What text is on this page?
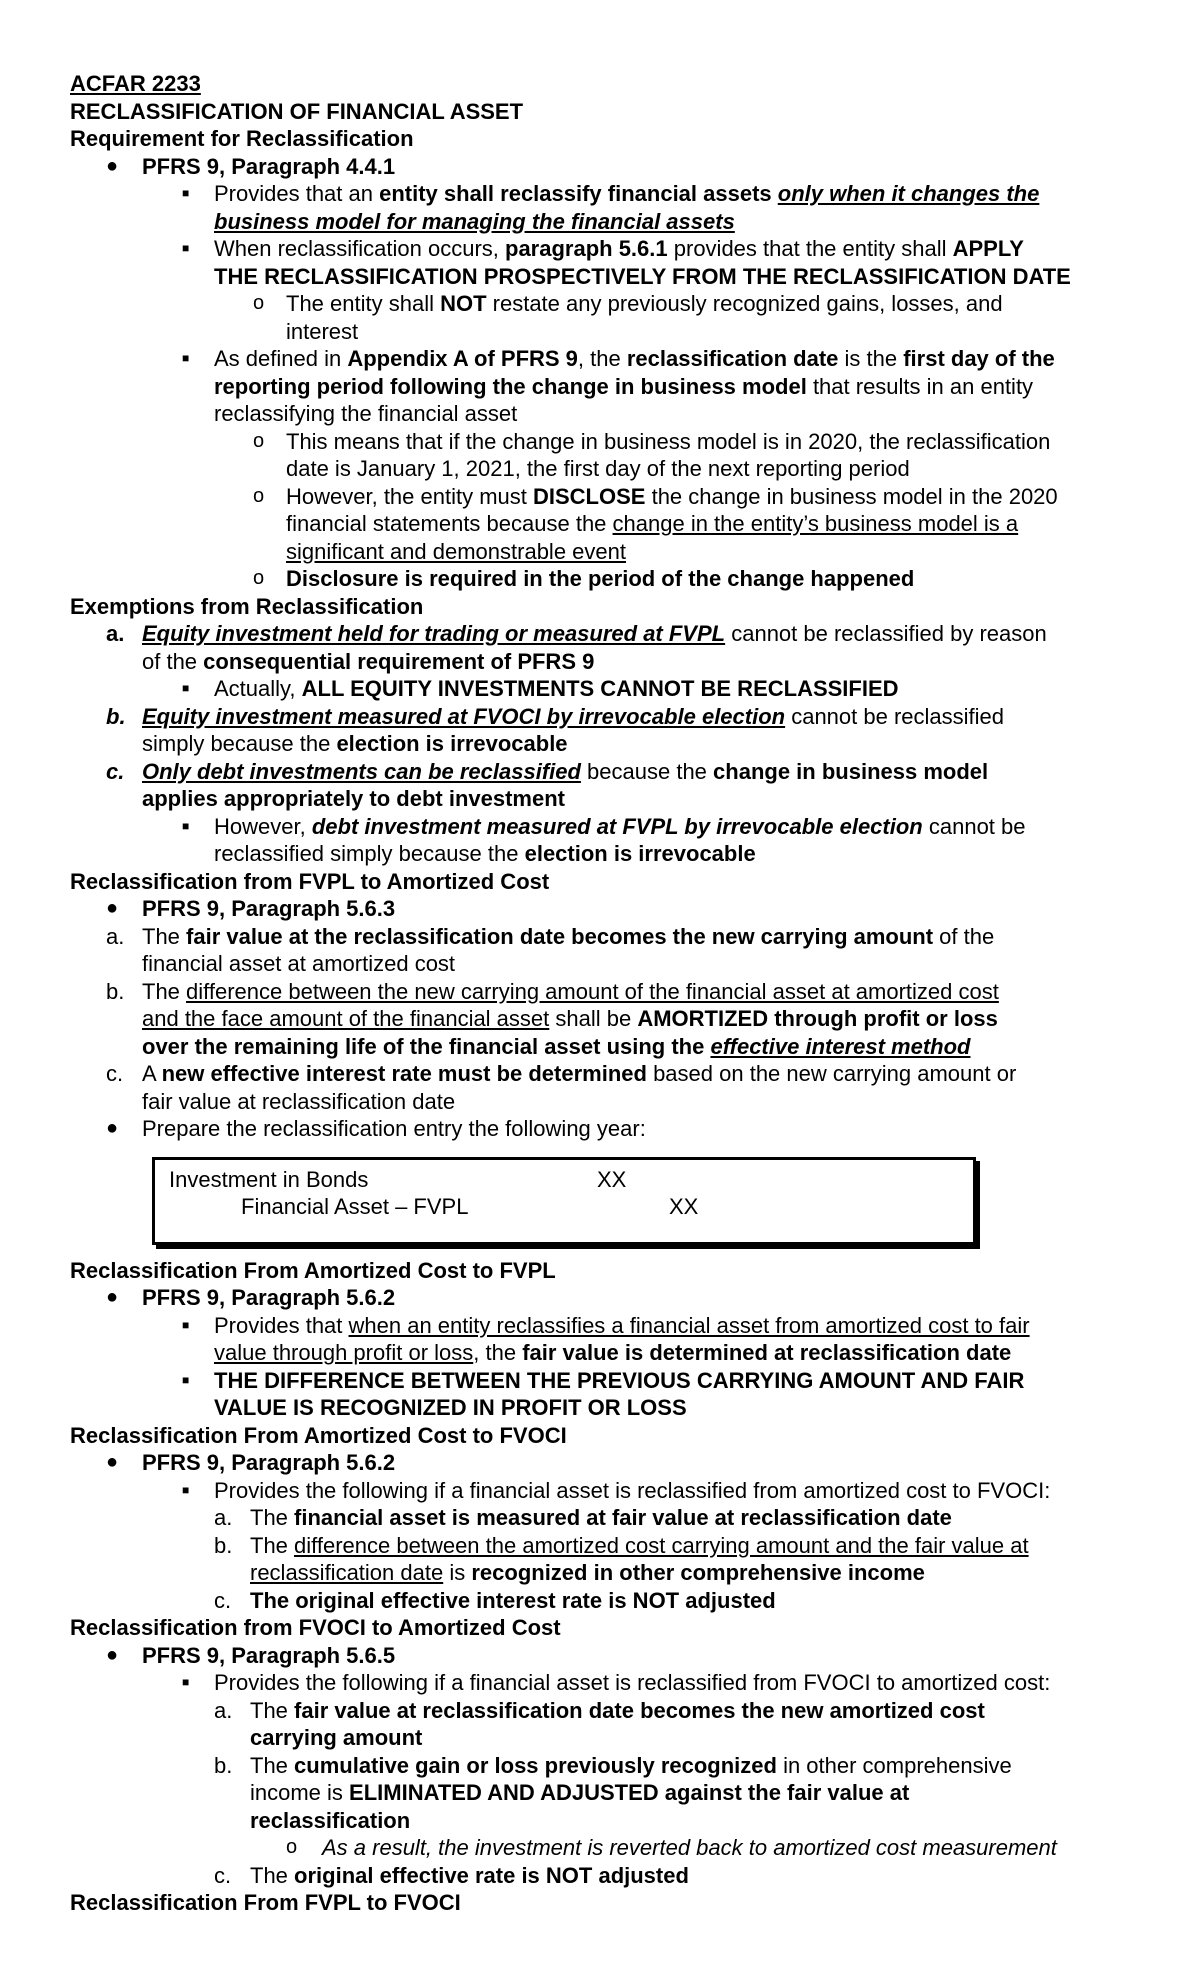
ACFAR 2233
RECLASSIFICATION OF FINANCIAL ASSET
Requirement for Reclassification
● PFRS 9, Paragraph 4.4.1
■ Provides that an entity shall reclassify financial assets only when it changes the
business model for managing the financial assets
■ When reclassification occurs, paragraph 5.6.1 provides that the entity shall APPLY
THE RECLASSIFICATION PROSPECTIVELY FROM THE RECLASSIFICATION DATE
o The entity shall NOT restate any previously recognized gains, losses, and
interest
■ As defined in Appendix A of PFRS 9, the reclassification date is the first day of the
reporting period following the change in business model that results in an entity
reclassifying the financial asset
o This means that if the change in business model is in 2020, the reclassification
date is January 1, 2021, the first day of the next reporting period
o However, the entity must DISCLOSE the change in business model in the 2020
financial statements because the change in the entity’s business model is a
significant and demonstrable event
o Disclosure is required in the period of the change happened
Exemptions from Reclassification
a. Equity investment held for trading or measured at FVPL cannot be reclassified by reason
of the consequential requirement of PFRS 9
■ Actually, ALL EQUITY INVESTMENTS CANNOT BE RECLASSIFIED
b. Equity investment measured at FVOCI by irrevocable election cannot be reclassified
simply because the election is irrevocable
c. Only debt investments can be reclassified because the change in business model
applies appropriately to debt investment
■ However, debt investment measured at FVPL by irrevocable election cannot be
reclassified simply because the election is irrevocable
Reclassification from FVPL to Amortized Cost
● PFRS 9, Paragraph 5.6.3
a. The fair value at the reclassification date becomes the new carrying amount of the
financial asset at amortized cost
b. The difference between the new carrying amount of the financial asset at amortized cost
and the face amount of the financial asset shall be AMORTIZED through profit or loss
over the remaining life of the financial asset using the effective interest method
c. A new effective interest rate must be determined based on the new carrying amount or
fair value at reclassification date
● Prepare the reclassification entry the following year:
Investment in Bonds	XX
Financial Asset – FVPL	XX
Reclassification From Amortized Cost to FVPL
● PFRS 9, Paragraph 5.6.2
■ Provides that when an entity reclassifies a financial asset from amortized cost to fair
value through profit or loss, the fair value is determined at reclassification date
■ THE DIFFERENCE BETWEEN THE PREVIOUS CARRYING AMOUNT AND FAIR
VALUE IS RECOGNIZED IN PROFIT OR LOSS
Reclassification From Amortized Cost to FVOCI
● PFRS 9, Paragraph 5.6.2
■ Provides the following if a financial asset is reclassified from amortized cost to FVOCI:
a. The financial asset is measured at fair value at reclassification date
b. The difference between the amortized cost carrying amount and the fair value at
reclassification date is recognized in other comprehensive income
c. The original effective interest rate is NOT adjusted
Reclassification from FVOCI to Amortized Cost
● PFRS 9, Paragraph 5.6.5
■ Provides the following if a financial asset is reclassified from FVOCI to amortized cost:
a. The fair value at reclassification date becomes the new amortized cost
carrying amount
b. The cumulative gain or loss previously recognized in other comprehensive
income is ELIMINATED AND ADJUSTED against the fair value at
reclassification
o As a result, the investment is reverted back to amortized cost measurement
c. The original effective rate is NOT adjusted
Reclassification From FVPL to FVOCI
